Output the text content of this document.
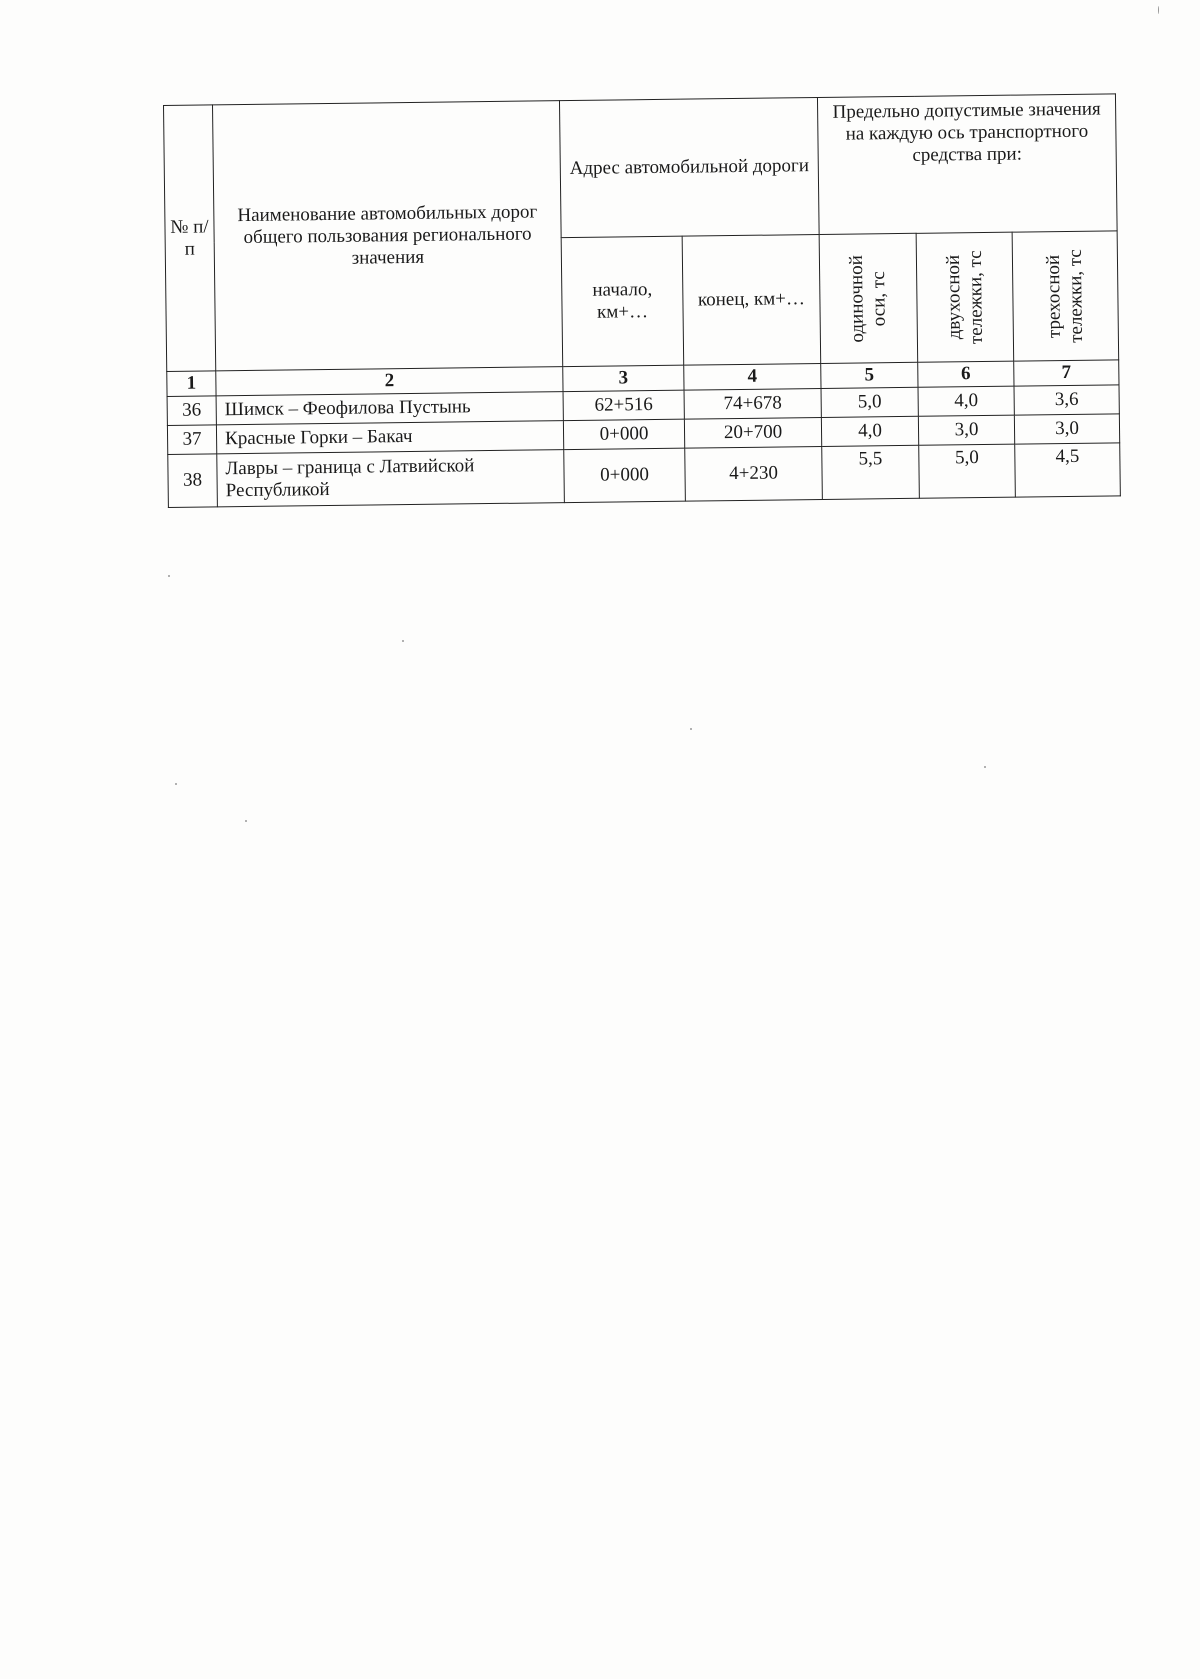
№ п/п	Наименование автомобильных дорог общего пользования регионального значения	Адрес автомобильной дороги		Предельно допустимые значения на каждую ось транспортного средства при:		
		начало, км+…	конец, км+…	одиночной оси, тс	двухосной тележки, тс	трехосной тележки, тс

1	2	3	4	5	6	7
36	Шимск – Феофилова Пустынь	62+516	74+678	5,0	4,0	3,6
37	Красные Горки – Бакач	0+000	20+700	4,0	3,0	3,0
38	Лавры – граница с Латвийской Республикой	0+000	4+230	5,5	5,0	4,5
